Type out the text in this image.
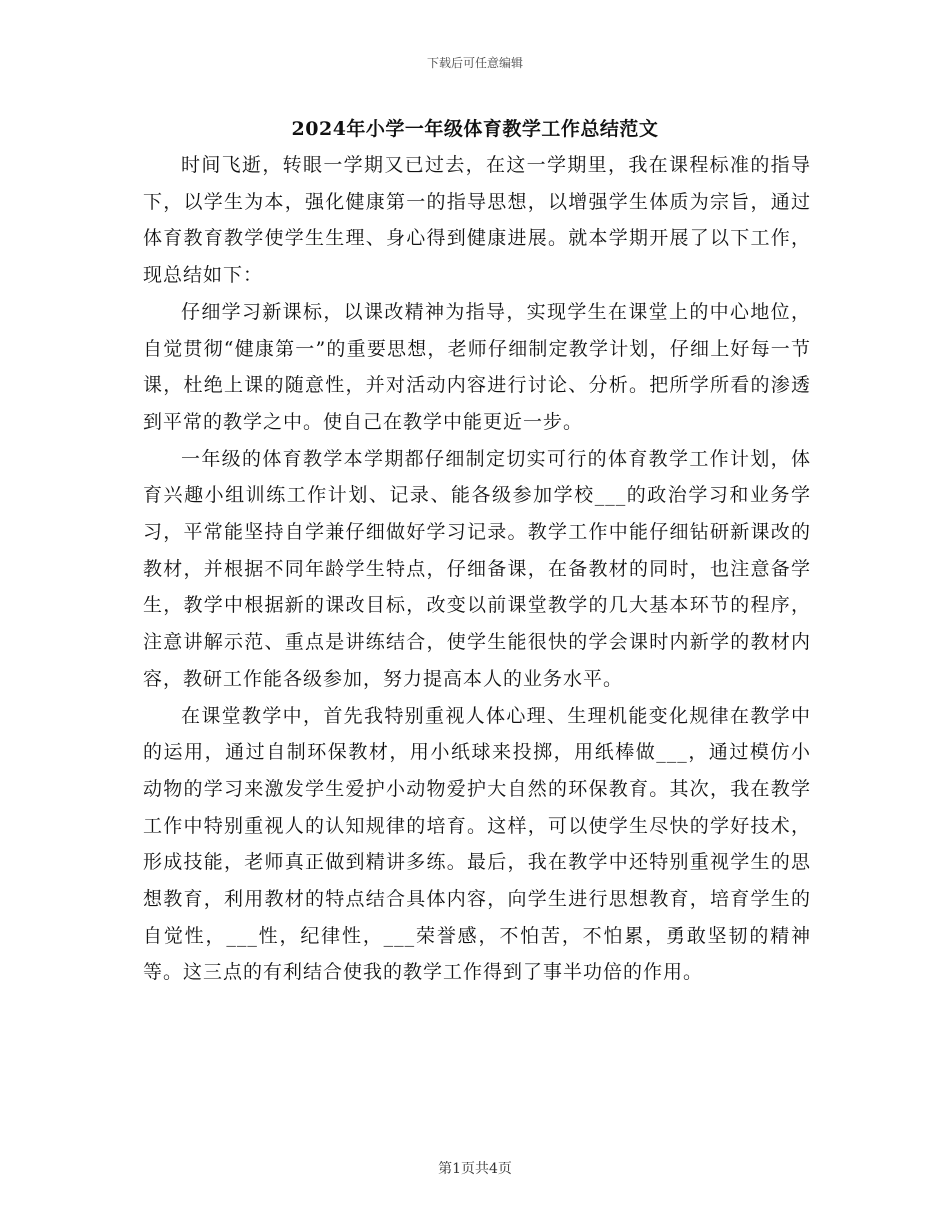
下载后可任意编辑
2024年小学一年级体育教学工作总结范文

时间飞逝，转眼一学期又已过去，在这一学期里，我在课程标准的指导下，以学生为本，强化健康第一的指导思想，以增强学生体质为宗旨，通过体育教育教学使学生生理、身心得到健康进展。就本学期开展了以下工作，现总结如下：

仔细学习新课标，以课改精神为指导，实现学生在课堂上的中心地位，自觉贯彻“健康第一”的重要思想，老师仔细制定教学计划，仔细上好每一节课，杜绝上课的随意性，并对活动内容进行讨论、分析。把所学所看的渗透到平常的教学之中。使自己在教学中能更近一步。

一年级的体育教学本学期都仔细制定切实可行的体育教学工作计划，体育兴趣小组训练工作计划、记录、能各级参加学校___的政治学习和业务学习，平常能坚持自学兼仔细做好学习记录。教学工作中能仔细钻研新课改的教材，并根据不同年龄学生特点，仔细备课，在备教材的同时，也注意备学生，教学中根据新的课改目标，改变以前课堂教学的几大基本环节的程序，注意讲解示范、重点是讲练结合，使学生能很快的学会课时内新学的教材内容，教研工作能各级参加，努力提高本人的业务水平。

在课堂教学中，首先我特别重视人体心理、生理机能变化规律在教学中的运用，通过自制环保教材，用小纸球来投掷，用纸棒做___，通过模仿小动物的学习来激发学生爱护小动物爱护大自然的环保教育。其次，我在教学工作中特别重视人的认知规律的培育。这样，可以使学生尽快的学好技术，形成技能，老师真正做到精讲多练。最后，我在教学中还特别重视学生的思想教育，利用教材的特点结合具体内容，向学生进行思想教育，培育学生的自觉性，___性，纪律性，___荣誉感，不怕苦，不怕累，勇敢坚韧的精神等。这三点的有利结合使我的教学工作得到了事半功倍的作用。

第1页共4页
